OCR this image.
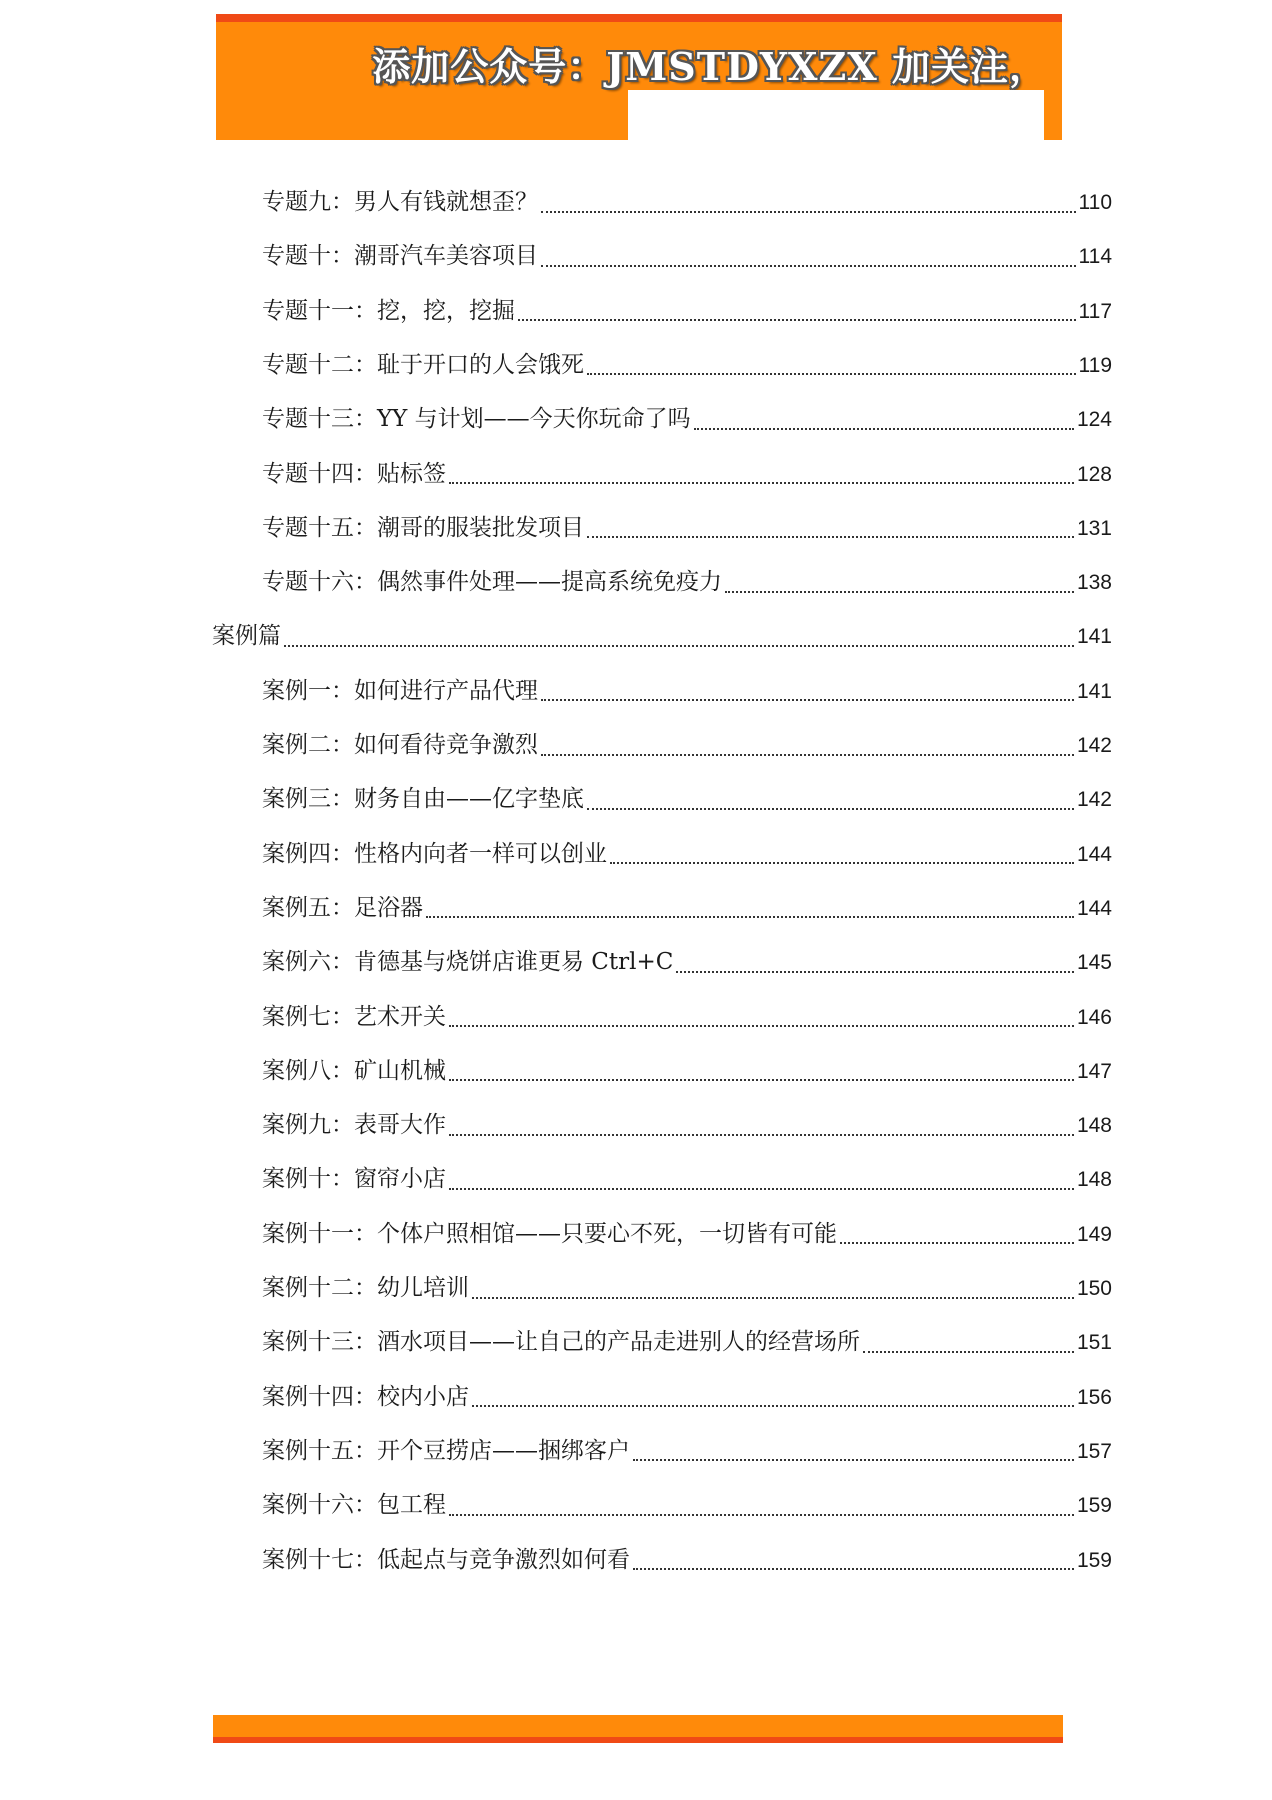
添加公众号：JMSTDYXZX 加关注，
专题九：男人有钱就想歪？	110
专题十：潮哥汽车美容项目	114
专题十一：挖，挖，挖掘	117
专题十二：耻于开口的人会饿死	119
专题十三：YY 与计划——今天你玩命了吗	124
专题十四：贴标签	128
专题十五：潮哥的服装批发项目	131
专题十六：偶然事件处理——提高系统免疫力	138
案例篇	141
案例一：如何进行产品代理	141
案例二：如何看待竞争激烈	142
案例三：财务自由——亿字垫底	142
案例四：性格内向者一样可以创业	144
案例五：足浴器	144
案例六：肯德基与烧饼店谁更易 Ctrl+C	145
案例七：艺术开关	146
案例八：矿山机械	147
案例九：表哥大作	148
案例十：窗帘小店	148
案例十一：个体户照相馆——只要心不死，一切皆有可能	149
案例十二：幼儿培训	150
案例十三：酒水项目——让自己的产品走进别人的经营场所	151
案例十四：校内小店	156
案例十五：开个豆捞店——捆绑客户	157
案例十六：包工程	159
案例十七：低起点与竞争激烈如何看	159
